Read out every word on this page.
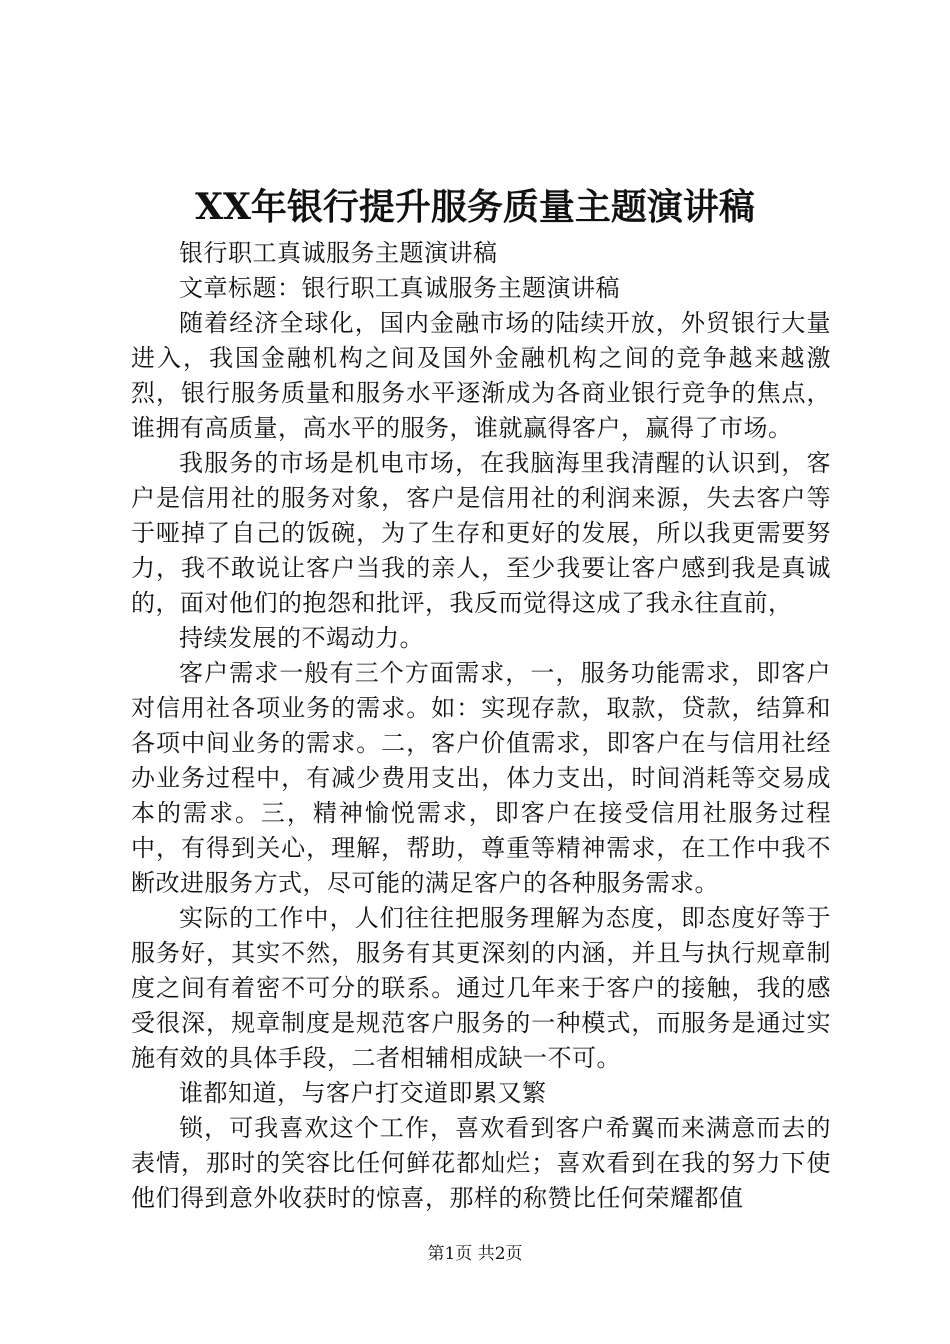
XX年银行提升服务质量主题演讲稿

银行职工真诚服务主题演讲稿

文章标题：银行职工真诚服务主题演讲稿

随着经济全球化，国内金融市场的陆续开放，外贸银行大量进入，我国金融机构之间及国外金融机构之间的竞争越来越激烈，银行服务质量和服务水平逐渐成为各商业银行竞争的焦点，谁拥有高质量，高水平的服务，谁就赢得客户，赢得了市场。

我服务的市场是机电市场，在我脑海里我清醒的认识到，客户是信用社的服务对象，客户是信用社的利润来源，失去客户等于哑掉了自己的饭碗，为了生存和更好的发展，所以我更需要努力，我不敢说让客户当我的亲人，至少我要让客户感到我是真诚的，面对他们的抱怨和批评，我反而觉得这成了我永往直前，

持续发展的不竭动力。

客户需求一般有三个方面需求，一，服务功能需求，即客户对信用社各项业务的需求。如：实现存款，取款，贷款，结算和各项中间业务的需求。二，客户价值需求，即客户在与信用社经办业务过程中，有减少费用支出，体力支出，时间消耗等交易成本的需求。三，精神愉悦需求，即客户在接受信用社服务过程中，有得到关心，理解，帮助，尊重等精神需求，在工作中我不断改进服务方式，尽可能的满足客户的各种服务需求。

实际的工作中，人们往往把服务理解为态度，即态度好等于服务好，其实不然，服务有其更深刻的内涵，并且与执行规章制度之间有着密不可分的联系。通过几年来于客户的接触，我的感受很深，规章制度是规范客户服务的一种模式，而服务是通过实施有效的具体手段，二者相辅相成缺一不可。

谁都知道，与客户打交道即累又繁

锁，可我喜欢这个工作，喜欢看到客户希翼而来满意而去的表情，那时的笑容比任何鲜花都灿烂；喜欢看到在我的努力下使他们得到意外收获时的惊喜，那样的称赞比任何荣耀都值

第1页 共2页
